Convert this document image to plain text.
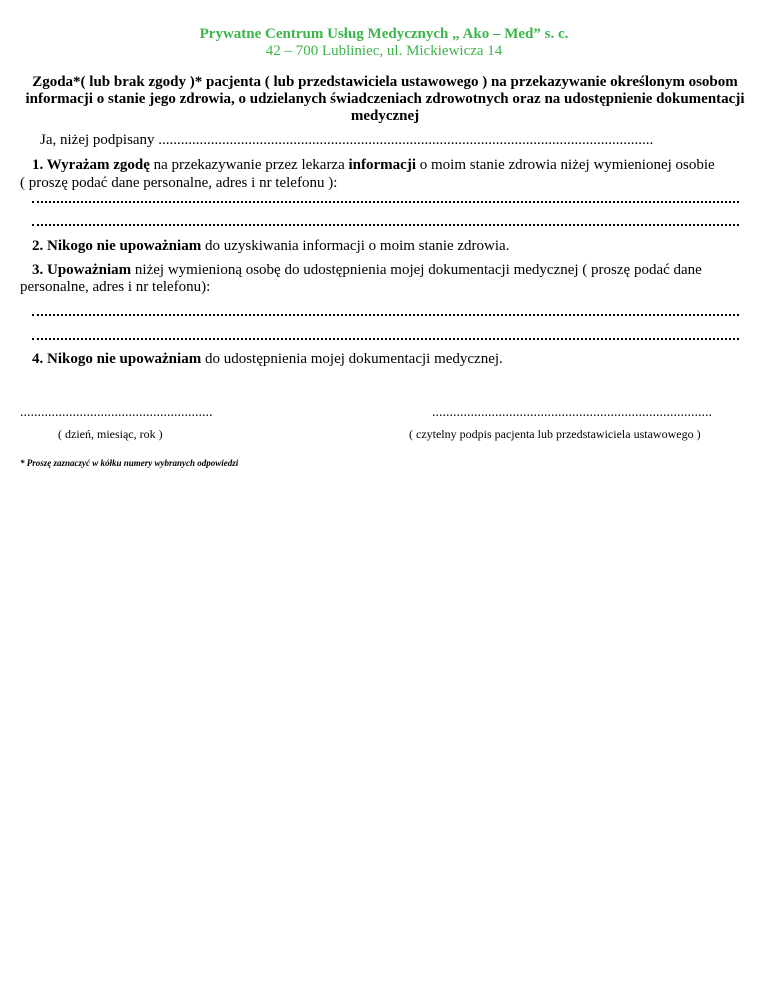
Prywatne Centrum Usług Medycznych „ Ako – Med” s. c.
42 – 700 Lubliniec, ul. Mickiewicza 14
Zgoda*( lub brak zgody )* pacjenta ( lub przedstawiciela ustawowego ) na przekazywanie określonym osobom informacji o stanie jego zdrowia, o udzielanych świadczeniach zdrowotnych oraz na udostępnienie dokumentacji medycznej
Ja, niżej podpisany ....................................................................................................................................
1. Wyrażam zgodę na przekazywanie przez lekarza informacji o moim stanie zdrowia niżej wymienionej osobie
( proszę podać dane personalne, adres i nr telefonu ):
2. Nikogo nie upoważniam do uzyskiwania informacji o moim stanie zdrowia.
3. Upoważniam niżej wymienioną osobę do udostępnienia mojej dokumentacji medycznej ( proszę podać dane
personalne, adres i nr telefonu):
4. Nikogo nie upoważniam do udostępnienia mojej dokumentacji medycznej.
.......................................................
( dzień, miesiąc, rok )
................................................................................
( czytelny podpis pacjenta lub przedstawiciela ustawowego )
* Proszę zaznaczyć w kółku numery wybranych odpowiedzi
